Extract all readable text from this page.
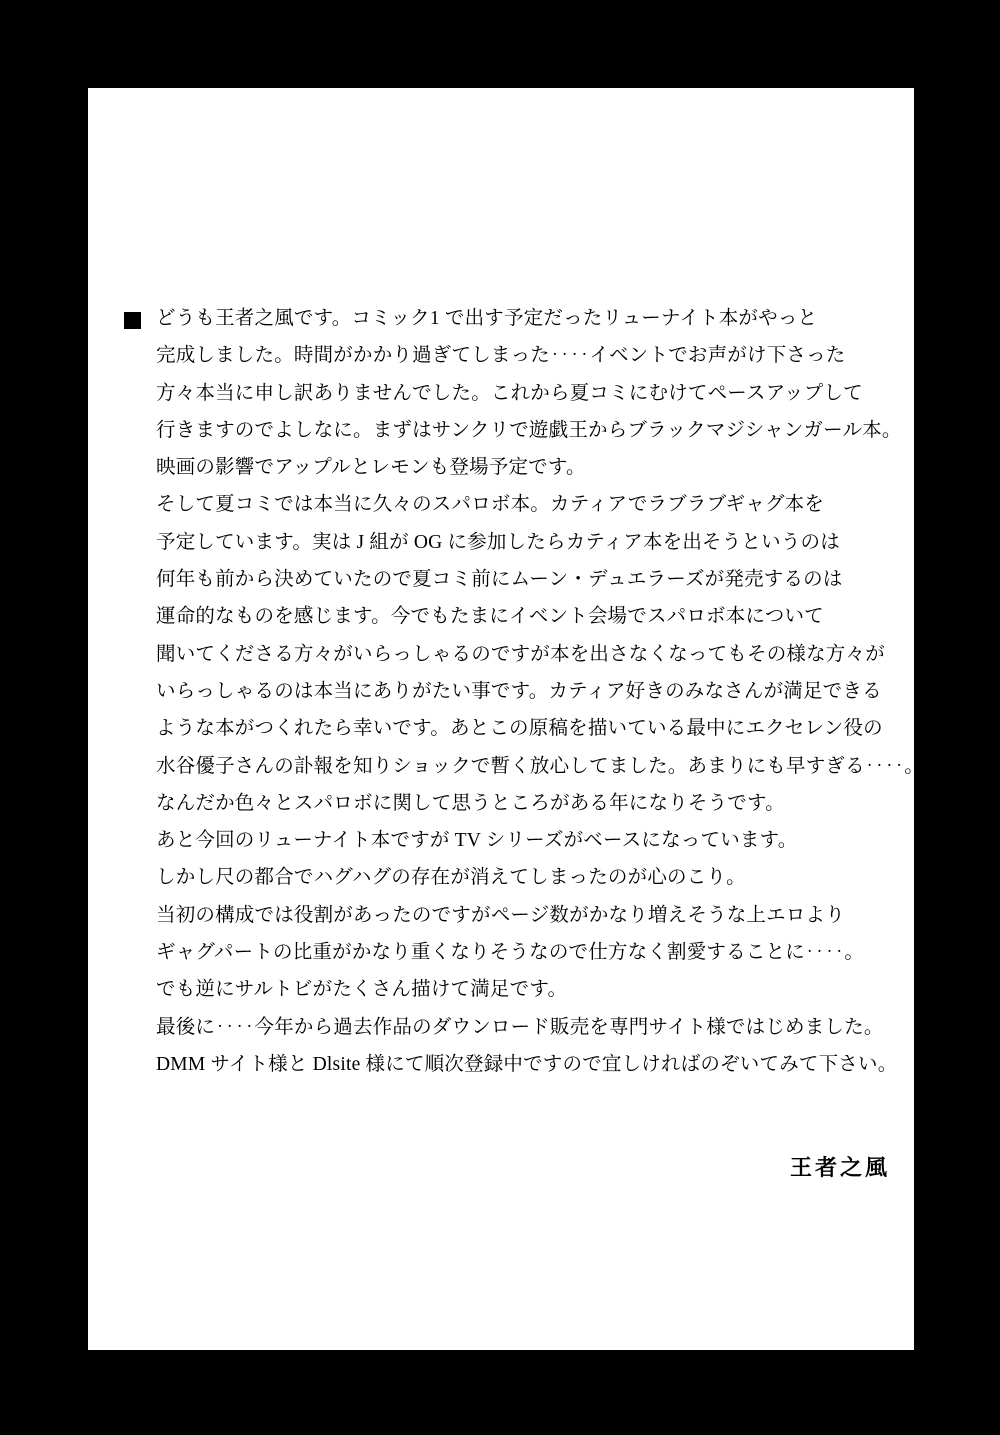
どうも王者之風です。コミック1 で出す予定だったリューナイト本がやっと
完成しました。時間がかかり過ぎてしまった‥‥イベントでお声がけ下さった
方々本当に申し訳ありませんでした。これから夏コミにむけてペースアップして
行きますのでよしなに。まずはサンクリで遊戯王からブラックマジシャンガール本。
映画の影響でアップルとレモンも登場予定です。
そして夏コミでは本当に久々のスパロボ本。カティアでラブラブギャグ本を
予定しています。実は J 組が OG に参加したらカティア本を出そうというのは
何年も前から決めていたので夏コミ前にムーン・デュエラーズが発売するのは
運命的なものを感じます。今でもたまにイベント会場でスパロボ本について
聞いてくださる方々がいらっしゃるのですが本を出さなくなってもその様な方々が
いらっしゃるのは本当にありがたい事です。カティア好きのみなさんが満足できる
ような本がつくれたら幸いです。あとこの原稿を描いている最中にエクセレン役の
水谷優子さんの訃報を知りショックで暫く放心してました。あまりにも早すぎる‥‥。
なんだか色々とスパロボに関して思うところがある年になりそうです。
あと今回のリューナイト本ですが TV シリーズがベースになっています。
しかし尺の都合でハグハグの存在が消えてしまったのが心のこり。
当初の構成では役割があったのですがページ数がかなり増えそうな上エロより
ギャグパートの比重がかなり重くなりそうなので仕方なく割愛することに‥‥。
でも逆にサルトビがたくさん描けて満足です。
最後に‥‥今年から過去作品のダウンロード販売を専門サイト様ではじめました。
DMM サイト様と Dlsite 様にて順次登録中ですので宜しければのぞいてみて下さい。
王者之風
